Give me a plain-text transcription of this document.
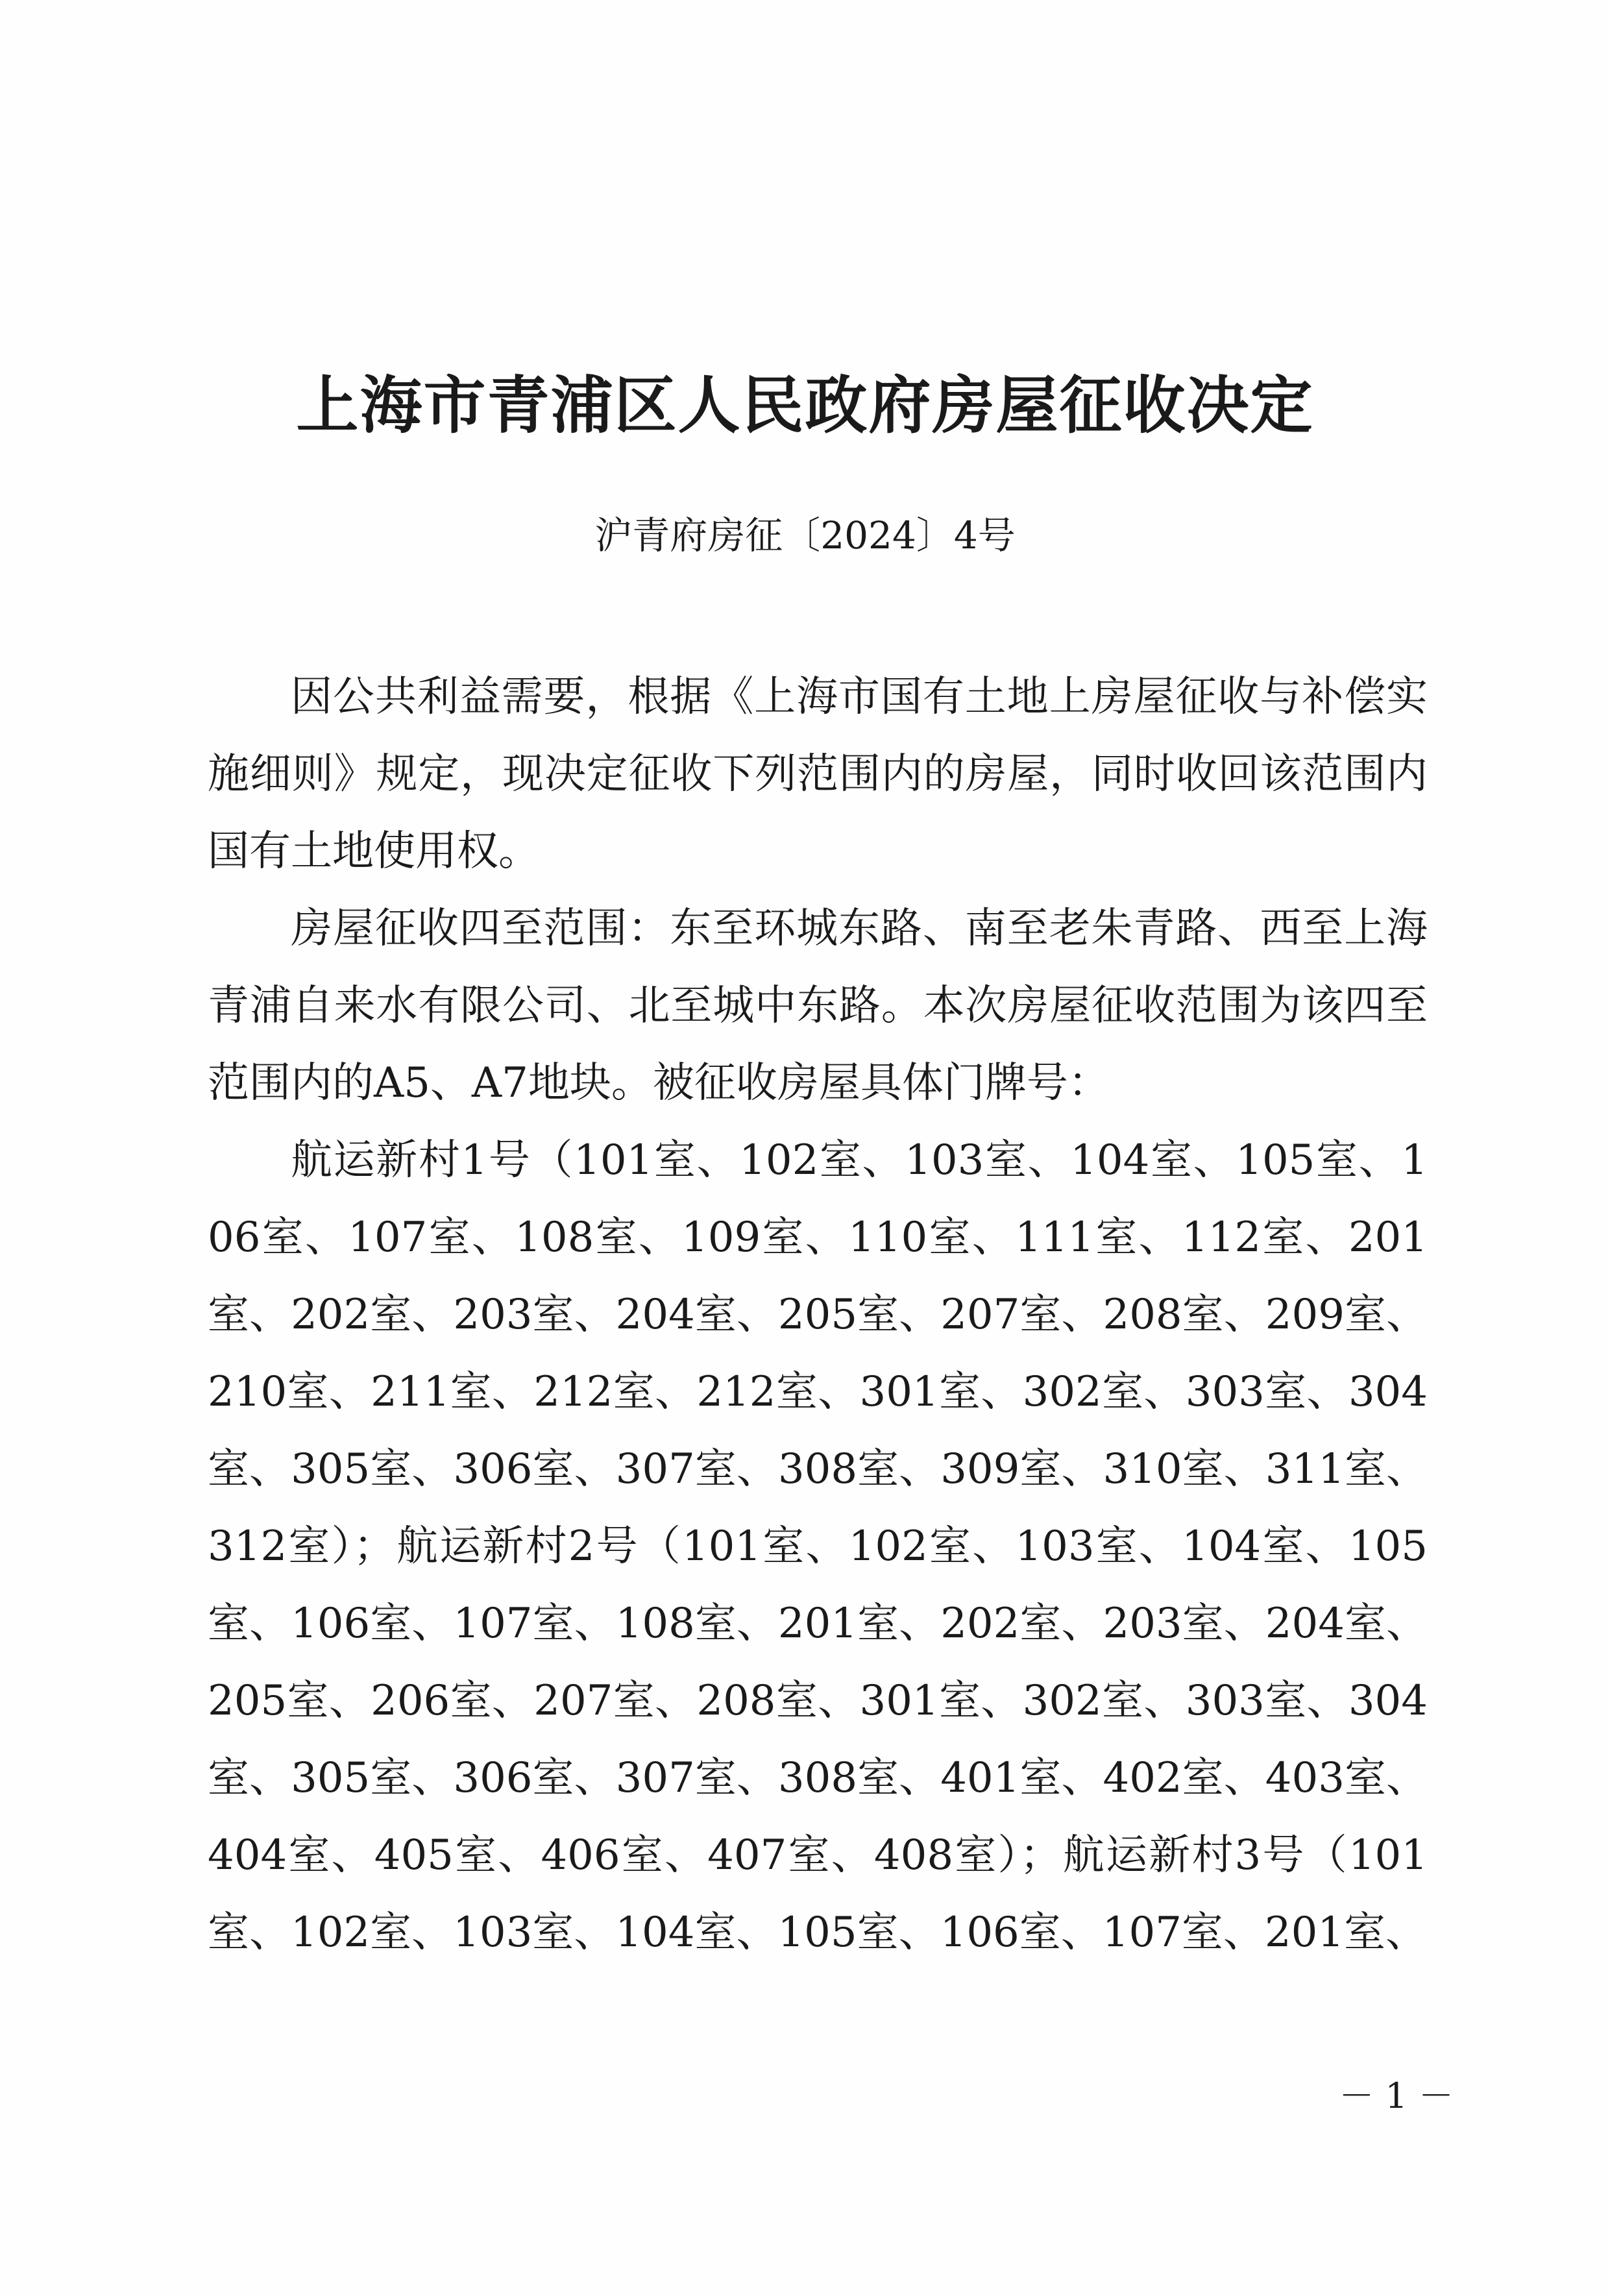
上海市青浦区人民政府房屋征收决定
沪青府房征〔2024〕4号

因公共利益需要，根据《上海市国有土地上房屋征收与补偿实施细则》规定，现决定征收下列范围内的房屋，同时收回该范围内国有土地使用权。

房屋征收四至范围：东至环城东路、南至老朱青路、西至上海青浦自来水有限公司、北至城中东路。本次房屋征收范围为该四至范围内的A5、A7地块。被征收房屋具体门牌号：

航运新村1号（101室、102室、103室、104室、105室、106室、107室、108室、109室、110室、111室、112室、201室、202室、203室、204室、205室、207室、208室、209室、210室、211室、212室、212室、301室、302室、303室、304室、305室、306室、307室、308室、309室、310室、311室、312室）；航运新村2号（101室、102室、103室、104室、105室、106室、107室、108室、201室、202室、203室、204室、205室、206室、207室、208室、301室、302室、303室、304室、305室、306室、307室、308室、401室、402室、403室、404室、405室、406室、407室、408室）；航运新村3号（101室、102室、103室、104室、105室、106室、107室、201室、

－ 1 －
